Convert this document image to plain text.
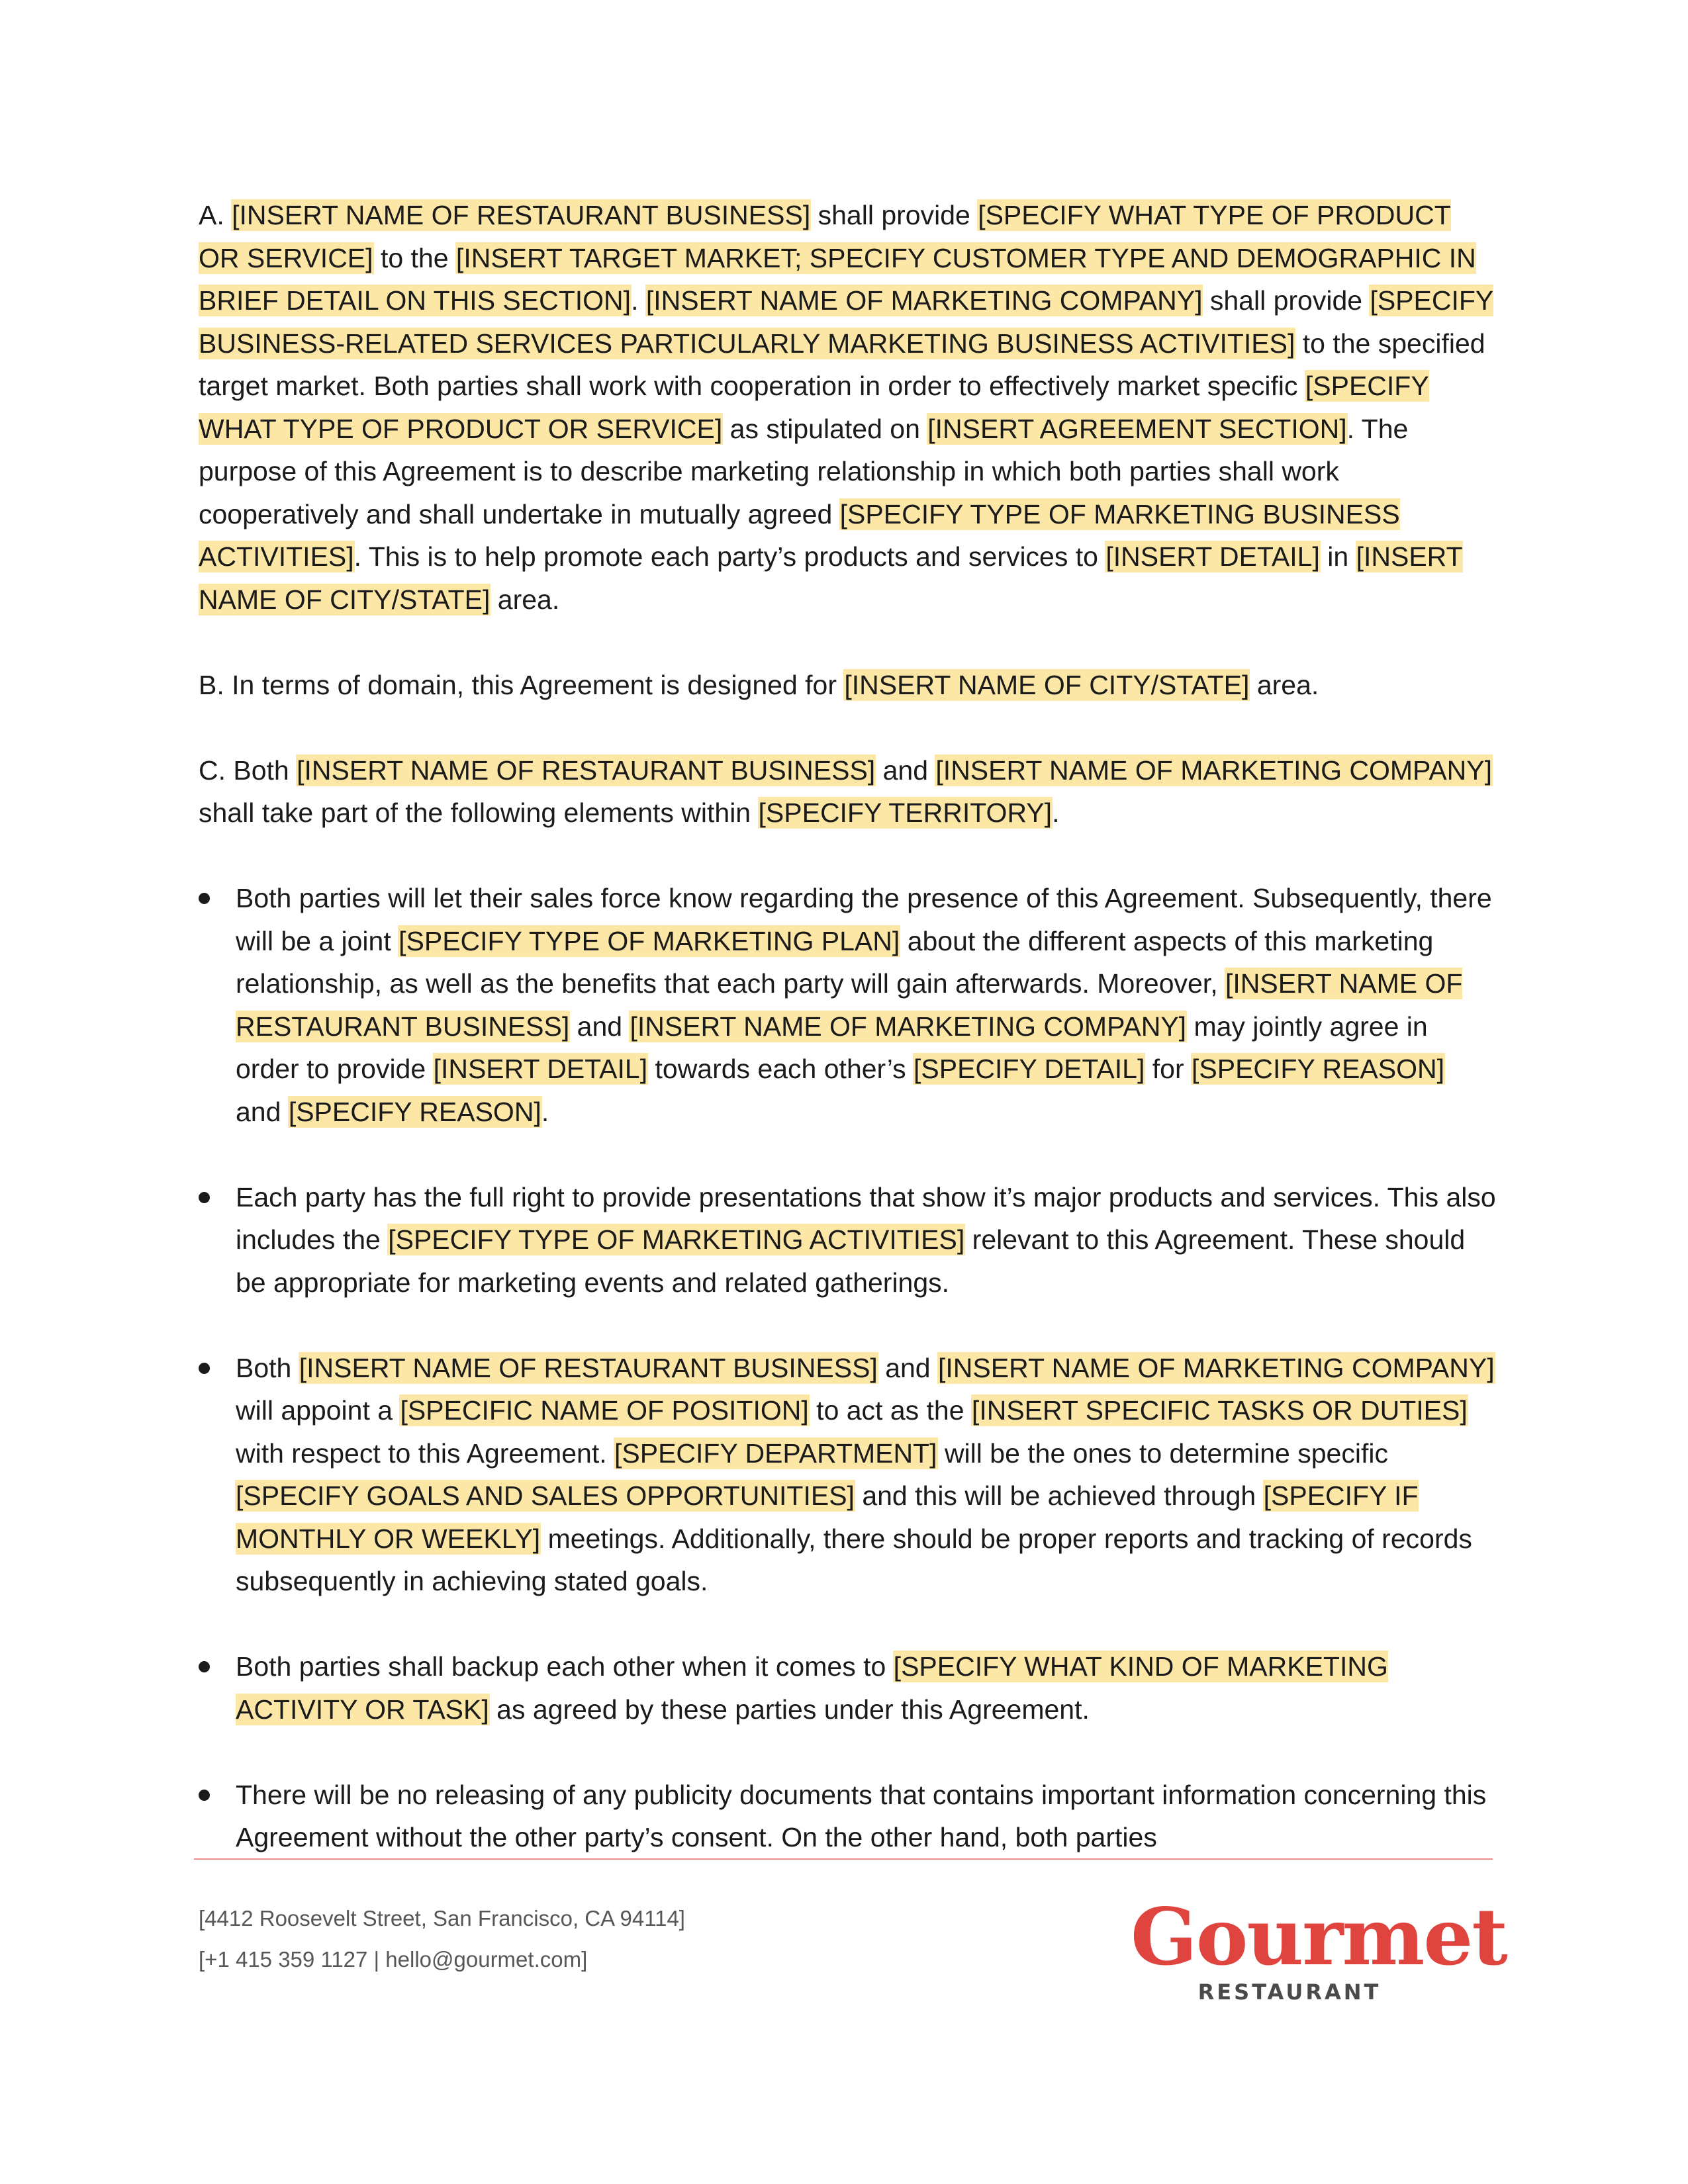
A. [INSERT NAME OF RESTAURANT BUSINESS] shall provide [SPECIFY WHAT TYPE OF PRODUCT OR SERVICE] to the [INSERT TARGET MARKET; SPECIFY CUSTOMER TYPE AND DEMOGRAPHIC IN BRIEF DETAIL ON THIS SECTION]. [INSERT NAME OF MARKETING COMPANY] shall provide [SPECIFY BUSINESS-RELATED SERVICES PARTICULARLY MARKETING BUSINESS ACTIVITIES] to the specified target market. Both parties shall work with cooperation in order to effectively market specific [SPECIFY WHAT TYPE OF PRODUCT OR SERVICE] as stipulated on [INSERT AGREEMENT SECTION]. The purpose of this Agreement is to describe marketing relationship in which both parties shall work cooperatively and shall undertake in mutually agreed [SPECIFY TYPE OF MARKETING BUSINESS ACTIVITIES]. This is to help promote each party’s products and services to [INSERT DETAIL] in [INSERT NAME OF CITY/STATE] area.

B. In terms of domain, this Agreement is designed for [INSERT NAME OF CITY/STATE] area.

C. Both [INSERT NAME OF RESTAURANT BUSINESS] and [INSERT NAME OF MARKETING COMPANY] shall take part of the following elements within [SPECIFY TERRITORY].

Both parties will let their sales force know regarding the presence of this Agreement. Subsequently, there will be a joint [SPECIFY TYPE OF MARKETING PLAN] about the different aspects of this marketing relationship, as well as the benefits that each party will gain afterwards. Moreover, [INSERT NAME OF RESTAURANT BUSINESS] and [INSERT NAME OF MARKETING COMPANY] may jointly agree in order to provide [INSERT DETAIL] towards each other’s [SPECIFY DETAIL] for [SPECIFY REASON] and [SPECIFY REASON].
Each party has the full right to provide presentations that show it’s major products and services. This also includes the [SPECIFY TYPE OF MARKETING ACTIVITIES] relevant to this Agreement. These should be appropriate for marketing events and related gatherings.
Both [INSERT NAME OF RESTAURANT BUSINESS] and [INSERT NAME OF MARKETING COMPANY] will appoint a [SPECIFIC NAME OF POSITION] to act as the [INSERT SPECIFIC TASKS OR DUTIES] with respect to this Agreement. [SPECIFY DEPARTMENT] will be the ones to determine specific [SPECIFY GOALS AND SALES OPPORTUNITIES] and this will be achieved through [SPECIFY IF MONTHLY OR WEEKLY] meetings. Additionally, there should be proper reports and tracking of records subsequently in achieving stated goals.
Both parties shall backup each other when it comes to [SPECIFY WHAT KIND OF MARKETING ACTIVITY OR TASK] as agreed by these parties under this Agreement.
There will be no releasing of any publicity documents that contains important information concerning this Agreement without the other party’s consent. On the other hand, both parties
[4412 Roosevelt Street, San Francisco, CA 94114]
[+1 415 359 1127 | hello@gourmet.com]	Gourmet
RESTAURANT
